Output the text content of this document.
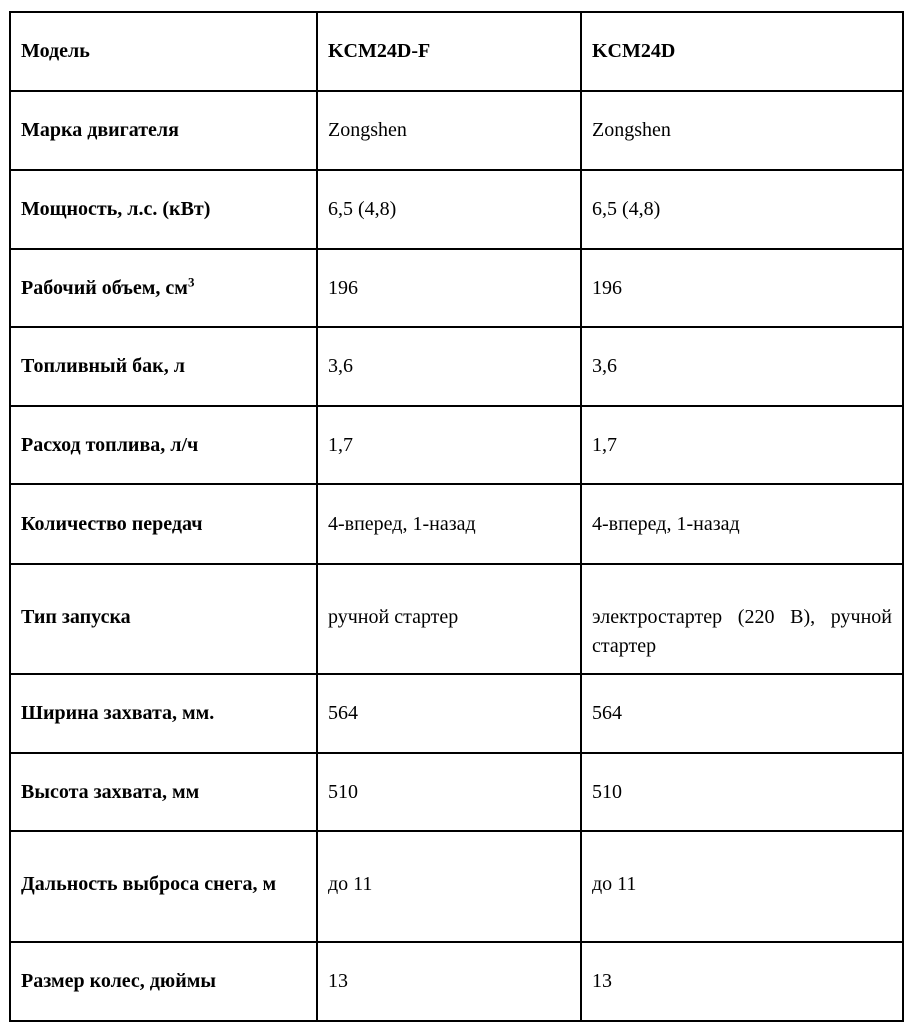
Модель	KCM24D-F	KCM24D
Марка двигателя	Zongshen	Zongshen
Мощность, л.с. (кВт)	6,5 (4,8)	6,5 (4,8)
Рабочий объем, $см^3$	196	196
Топливный бак, л	3,6	3,6
Расход топлива, л/ч	1,7	1,7
Количество передач	4-вперед, 1-назад	4-вперед, 1-назад
Тип запуска	ручной стартер	электростартер (220 В), ручной стартер
Ширина захвата, мм.	564	564
Высота захвата, мм	510	510
Дальность выброса снега, м	до 11	до 11
Размер колес, дюймы	13	13
